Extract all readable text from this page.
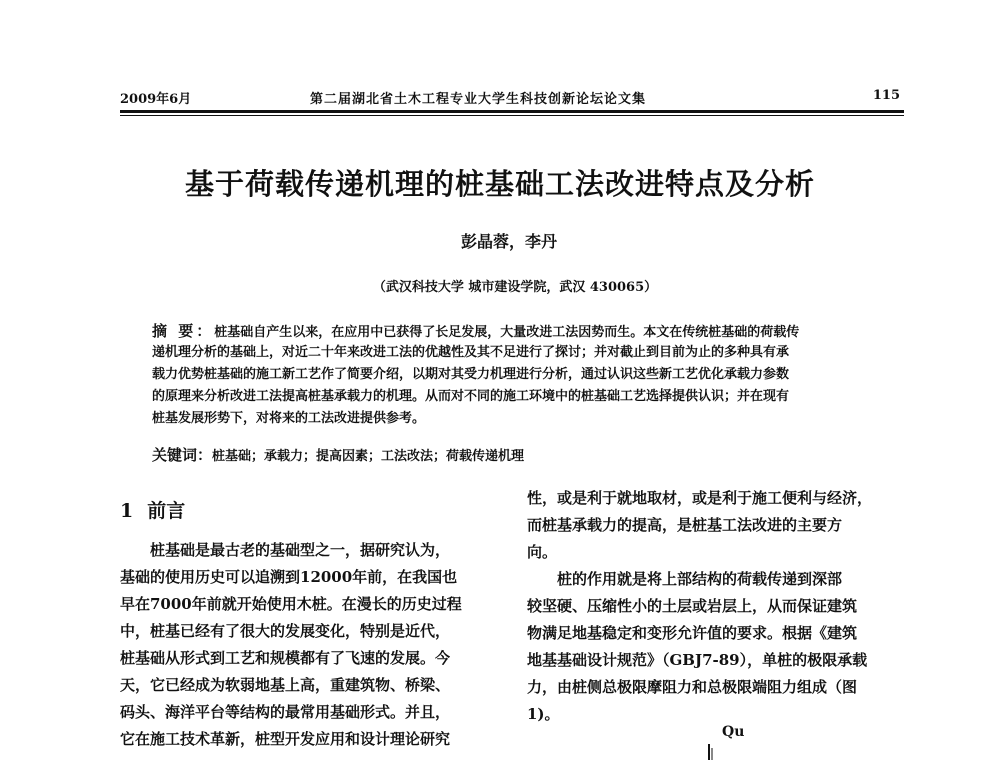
2009年6月	第二届湖北省土木工程专业大学生科技创新论坛论文集	115
基于荷载传递机理的桩基础工法改进特点及分析
彭晶蓉，李丹
（武汉科技大学 城市建设学院，武汉 430065）
摘 要：桩基础自产生以来，在应用中已获得了长足发展，大量改进工法因势而生。本文在传统桩基础的荷载传
递机理分析的基础上，对近二十年来改进工法的优越性及其不足进行了探讨；并对截止到目前为止的多种具有承
载力优势桩基础的施工新工艺作了简要介绍，以期对其受力机理进行分析，通过认识这些新工艺优化承载力参数
的原理来分析改进工法提高桩基承载力的机理。从而对不同的施工环境中的桩基础工艺选择提供认识；并在现有
桩基发展形势下，对将来的工法改进提供参考。
关键词：桩基础；承载力；提高因素；工法改法；荷载传递机理
1 前言
桩基础是最古老的基础型之一，据研究认为，
基础的使用历史可以追溯到12000年前，在我国也
早在7000年前就开始使用木桩。在漫长的历史过程
中，桩基已经有了很大的发展变化，特别是近代，
桩基础从形式到工艺和规模都有了飞速的发展。今
天，它已经成为软弱地基上高，重建筑物、桥梁、
码头、海洋平台等结构的最常用基础形式。并且，
它在施工技术革新，桩型开发应用和设计理论研究
性，或是利于就地取材，或是利于施工便利与经济，
而桩基承载力的提高，是桩基工法改进的主要方
向。
桩的作用就是将上部结构的荷载传递到深部
较坚硬、压缩性小的土层或岩层上，从而保证建筑
物满足地基稳定和变形允许值的要求。根据《建筑
地基基础设计规范》（GBJ7-89），单桩的极限承载
力，由桩侧总极限摩阻力和总极限端阻力组成（图
1)。
Qu
